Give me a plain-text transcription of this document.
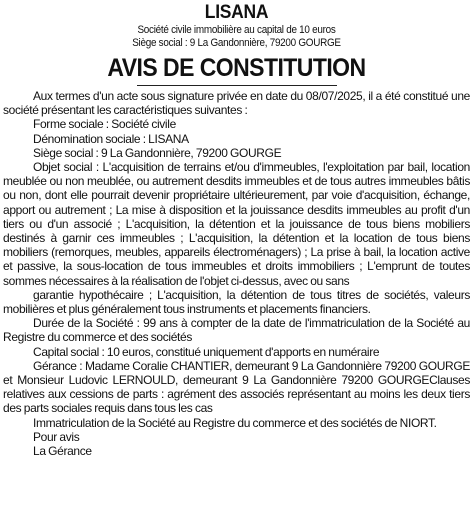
LISANA
Société civile immobilière au capital de 10 euros
Siège social : 9 La Gandonnière, 79200 GOURGE
AVIS DE CONSTITUTION

Aux termes d'un acte sous signature privée en date du 08/07/2025, il a été constitué une société présentant les caractéristiques suivantes :

Forme sociale : Société civile

Dénomination sociale : LISANA

Siège social : 9 La Gandonnière, 79200 GOURGE

Objet social : L'acquisition de terrains et/ou d'immeubles, l'exploitation par bail, location meublée ou non meublée, ou autrement desdits immeubles et de tous autres immeubles bâtis ou non, dont elle pourrait devenir propriétaire ultérieurement, par voie d'acquisition, échange, apport ou autrement ; La mise à disposition et la jouissance desdits immeubles au profit d'un tiers ou d'un associé ; L'acquisition, la détention et la jouissance de tous biens mobiliers destinés à garnir ces immeubles ; L'acquisition, la détention et la location de tous biens mobiliers (remorques, meubles, appareils électroménagers) ; La prise à bail, la location active et passive, la sous-location de tous immeubles et droits immobiliers ; L'emprunt de toutes sommes nécessaires à la réalisation de l'objet ci-dessus, avec ou sans

garantie hypothécaire ; L'acquisition, la détention de tous titres de sociétés, valeurs mobilières et plus généralement tous instruments et placements financiers.

Durée de la Société : 99 ans à compter de la date de l'immatriculation de la Société au Registre du commerce et des sociétés

Capital social : 10 euros, constitué uniquement d'apports en numéraire

Gérance : Madame Coralie CHANTIER, demeurant 9 La Gandonnière 79200 GOURGE et Monsieur Ludovic LERNOULD, demeurant 9 La Gandonnière 79200 GOURGEClauses relatives aux cessions de parts : agrément des associés représentant au moins les deux tiers des parts sociales requis dans tous les cas

Immatriculation de la Société au Registre du commerce et des sociétés de NIORT.

Pour avis

La Gérance
